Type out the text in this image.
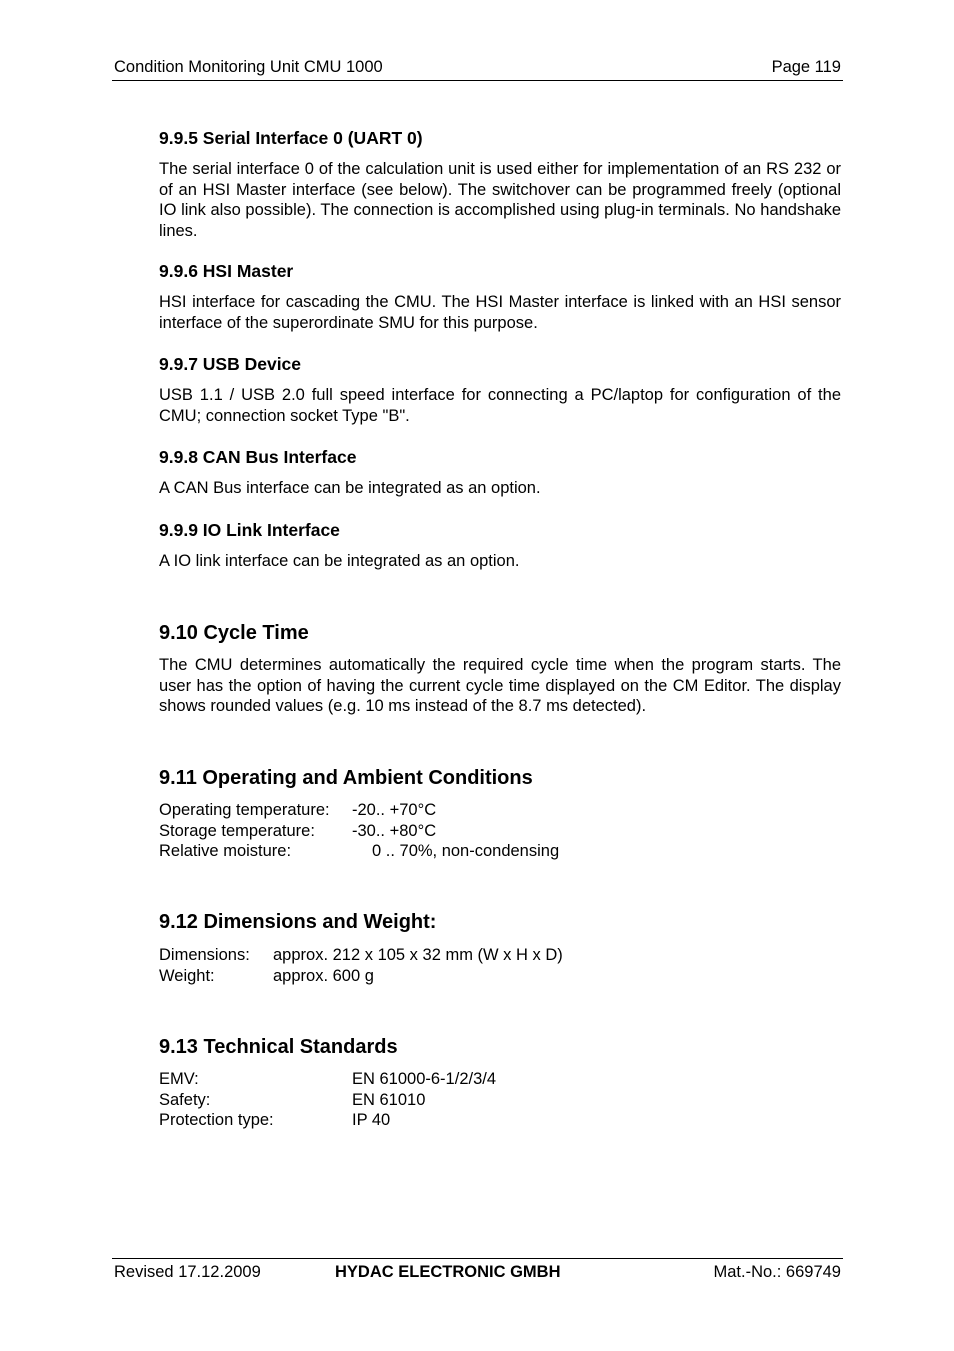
Condition Monitoring Unit CMU 1000	Page 119
9.9.5 Serial Interface 0 (UART 0)

The serial interface 0 of the calculation unit is used either for implementation of an RS 232 or of an HSI Master interface (see below). The switchover can be programmed freely (optional IO link also possible). The connection is accomplished using plug-in terminals. No handshake lines.

9.9.6 HSI Master

HSI interface for cascading the CMU. The HSI Master interface is linked with an HSI sensor interface of the superordinate SMU for this purpose.

9.9.7 USB Device

USB 1.1 / USB 2.0 full speed interface for connecting a PC/laptop for configuration of the CMU; connection socket Type "B".

9.9.8 CAN Bus Interface

A CAN Bus interface can be integrated as an option.

9.9.9 IO Link Interface

A IO link interface can be integrated as an option.

9.10 Cycle Time

The CMU determines automatically the required cycle time when the program starts. The user has the option of having the current cycle time displayed on the CM Editor. The display shows rounded values (e.g. 10 ms instead of the 8.7 ms detected).

9.11 Operating and Ambient Conditions
Operating temperature: -20.. +70°C
Storage temperature: -30.. +80°C
Relative moisture:	0 .. 70%, non-condensing
9.12 Dimensions and Weight:
Dimensions: approx. 212 x 105 x 32 mm (W x H x D)
Weight:	approx. 600 g
9.13 Technical Standards
EMV:	EN 61000-6-1/2/3/4
Safety:	EN 61010
Protection type:	IP 40
Revised 17.12.2009	HYDAC ELECTRONIC GMBH	Mat.-No.: 669749
